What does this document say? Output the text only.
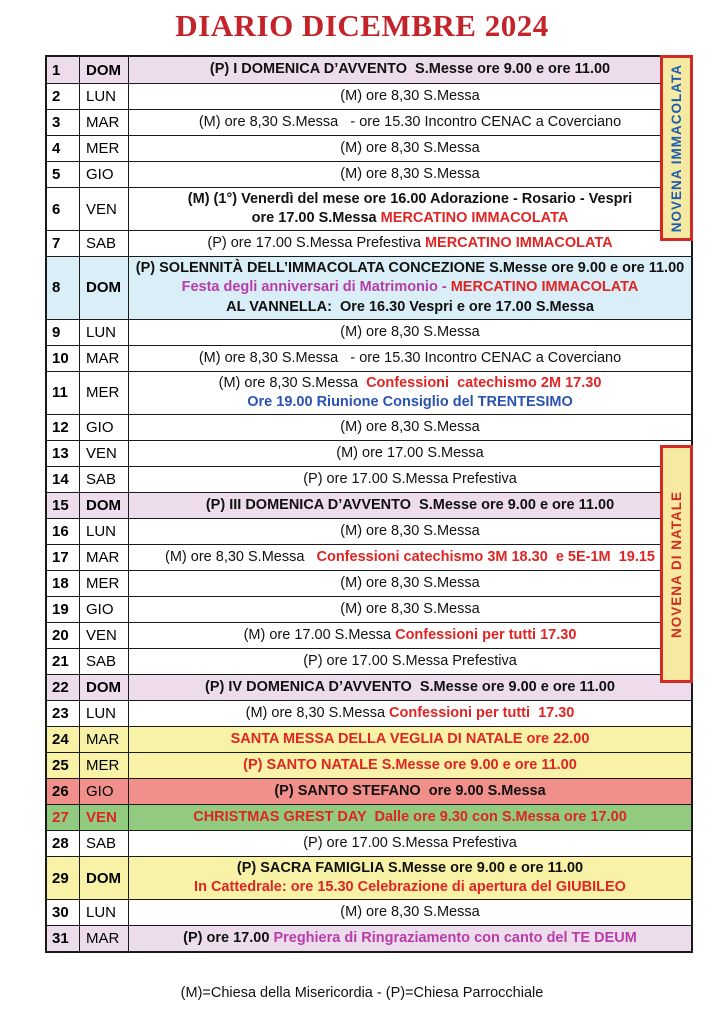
DIARIO DICEMBRE 2024
1	DOM	(P) I DOMENICA D’AVVENTO  S.Messe ore 9.00 e ore 11.00
2	LUN	(M) ore 8,30 S.Messa
3	MAR	(M) ore 8,30 S.Messa   - ore 15.30 Incontro CENAC a Coverciano
4	MER	(M) ore 8,30 S.Messa
5	GIO	(M) ore 8,30 S.Messa
6	VEN
(M) (1°) Venerdì del mese ore 16.00 Adorazione - Rosario - Vespri
ore 17.00 S.Messa MERCATINO IMMACOLATA
7	SAB	(P) ore 17.00 S.Messa Prefestiva MERCATINO IMMACOLATA
8	DOM
(P) SOLENNITÀ DELL’IMMACOLATA CONCEZIONE S.Messe ore 9.00 e ore 11.00
Festa degli anniversari di Matrimonio - MERCATINO IMMACOLATA
AL VANNELLA:  Ore 16.30 Vespri e ore 17.00 S.Messa
9	LUN	(M) ore 8,30 S.Messa
10	MAR	(M) ore 8,30 S.Messa   - ore 15.30 Incontro CENAC a Coverciano
11	MER
(M) ore 8,30 S.Messa  Confessioni  catechismo 2M 17.30
Ore 19.00 Riunione Consiglio del TRENTESIMO
12	GIO	(M) ore 8,30 S.Messa
13	VEN	(M) ore 17.00 S.Messa
14	SAB	(P) ore 17.00 S.Messa Prefestiva
15	DOM	(P) III DOMENICA D’AVVENTO  S.Messe ore 9.00 e ore 11.00
16	LUN	(M) ore 8,30 S.Messa
17	MAR	(M) ore 8,30 S.Messa   Confessioni catechismo 3M 18.30  e 5E-1M  19.15
18	MER	(M) ore 8,30 S.Messa
19	GIO	(M) ore 8,30 S.Messa
20	VEN	(M) ore 17.00 S.Messa Confessioni per tutti 17.30
21	SAB	(P) ore 17.00 S.Messa Prefestiva
22	DOM	(P) IV DOMENICA D’AVVENTO  S.Messe ore 9.00 e ore 11.00
23	LUN	(M) ore 8,30 S.Messa Confessioni per tutti  17.30
24	MAR	SANTA MESSA DELLA VEGLIA DI NATALE ore 22.00
25	MER	(P) SANTO NATALE S.Messe ore 9.00 e ore 11.00
26	GIO	(P) SANTO STEFANO  ore 9.00 S.Messa
27	VEN	CHRISTMAS GREST DAY  Dalle ore 9.30 con S.Messa ore 17.00
28	SAB	(P) ore 17.00 S.Messa Prefestiva
29	DOM
(P) SACRA FAMIGLIA S.Messe ore 9.00 e ore 11.00
In Cattedrale: ore 15.30 Celebrazione di apertura del GIUBILEO
30	LUN	(M) ore 8,30 S.Messa
31	MAR	(P) ore 17.00 Preghiera di Ringraziamento con canto del TE DEUM
NOVENA IMMACOLATA
NOVENA DI NATALE
(M)=Chiesa della Misericordia - (P)=Chiesa Parrocchiale
